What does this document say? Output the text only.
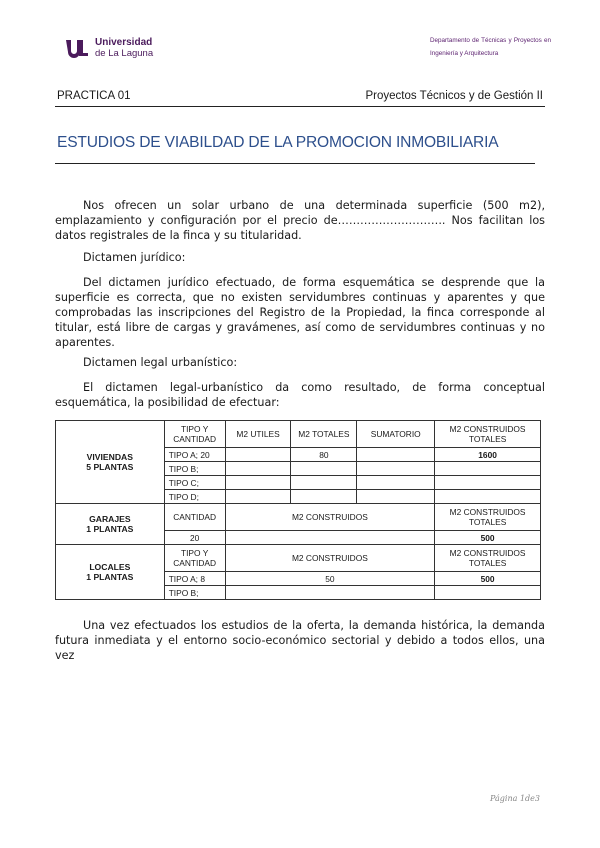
Universidad
de La Laguna
Departamento de Técnicas y Proyectos en Ingeniería y Arquitectura
PRACTICA 01	Proyectos Técnicos y de Gestión II
ESTUDIOS DE VIABILDAD DE LA PROMOCION INMOBILIARIA
Nos ofrecen un solar urbano de una determinada superficie (500 m2), emplazamiento y configuración por el precio de……………………….. Nos facilitan los datos registrales de la finca y su titularidad.
Dictamen jurídico:
Del dictamen jurídico efectuado, de forma esquemática se desprende que la superficie es correcta, que no existen servidumbres continuas y aparentes y que comprobadas las inscripciones del Registro de la Propiedad, la finca corresponde al titular, está libre de cargas y gravámenes, así como de servidumbres continuas y no aparentes.
Dictamen legal urbanístico:
El dictamen legal-urbanístico da como resultado, de forma conceptual esquemática, la posibilidad de efectuar:
VIVIENDAS
5 PLANTAS	TIPO Y CANTIDAD	M2 UTILES	M2 TOTALES	SUMATORIO	M2 CONSTRUIDOS TOTALES
	TIPO A; 20		80		1600
	TIPO B;				
	TIPO C;				
	TIPO D;				
GARAJES
1 PLANTAS	CANTIDAD	M2 CONSTRUIDOS			M2 CONSTRUIDOS TOTALES
	20				500
LOCALES
1 PLANTAS	TIPO Y CANTIDAD	M2 CONSTRUIDOS			M2 CONSTRUIDOS TOTALES
	TIPO A; 8	50			500
	TIPO B;				
Una vez efectuados los estudios de la oferta, la demanda histórica, la demanda futura inmediata y el entorno socio-económico sectorial y debido a todos ellos, una vez
Página 1de3
